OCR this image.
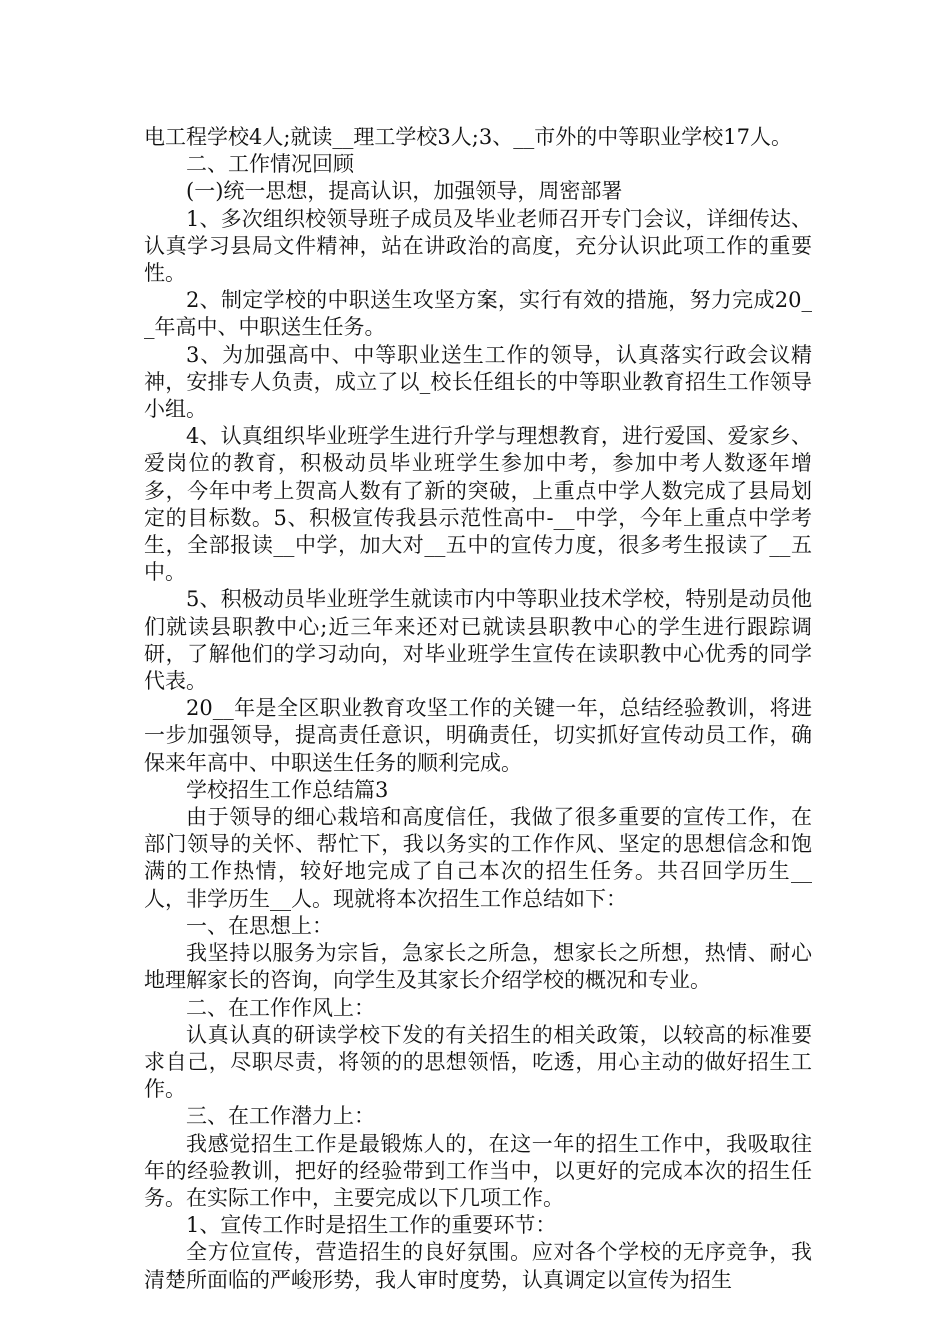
电工程学校4人;就读__理工学校3人;3、__市外的中等职业学校17人。

二、工作情况回顾

(一)统一思想，提高认识，加强领导，周密部署

1、多次组织校领导班子成员及毕业老师召开专门会议，详细传达、认真学习县局文件精神，站在讲政治的高度，充分认识此项工作的重要性。

2、制定学校的中职送生攻坚方案，实行有效的措施，努力完成20__年高中、中职送生任务。

3、为加强高中、中等职业送生工作的领导，认真落实行政会议精神，安排专人负责，成立了以_校长任组长的中等职业教育招生工作领导小组。

4、认真组织毕业班学生进行升学与理想教育，进行爱国、爱家乡、爱岗位的教育，积极动员毕业班学生参加中考，参加中考人数逐年增多，今年中考上贺高人数有了新的突破，上重点中学人数完成了县局划定的目标数。5、积极宣传我县示范性高中-__中学，今年上重点中学考生，全部报读__中学，加大对__五中的宣传力度，很多考生报读了__五中。

5、积极动员毕业班学生就读市内中等职业技术学校，特别是动员他们就读县职教中心;近三年来还对已就读县职教中心的学生进行跟踪调研，了解他们的学习动向，对毕业班学生宣传在读职教中心优秀的同学代表。

20__年是全区职业教育攻坚工作的关键一年，总结经验教训，将进一步加强领导，提高责任意识，明确责任，切实抓好宣传动员工作，确保来年高中、中职送生任务的顺利完成。

学校招生工作总结篇3

由于领导的细心栽培和高度信任，我做了很多重要的宣传工作，在部门领导的关怀、帮忙下，我以务实的工作作风、坚定的思想信念和饱满的工作热情，较好地完成了自己本次的招生任务。共召回学历生__人，非学历生__人。现就将本次招生工作总结如下：

一、在思想上：

我坚持以服务为宗旨，急家长之所急，想家长之所想，热情、耐心地理解家长的咨询，向学生及其家长介绍学校的概况和专业。

二、在工作作风上：

认真认真的研读学校下发的有关招生的相关政策，以较高的标准要求自己，尽职尽责，将领的的思想领悟，吃透，用心主动的做好招生工作。

三、在工作潜力上：

我感觉招生工作是最锻炼人的，在这一年的招生工作中，我吸取往年的经验教训，把好的经验带到工作当中，以更好的完成本次的招生任务。在实际工作中，主要完成以下几项工作。

1、宣传工作时是招生工作的重要环节：

全方位宣传，营造招生的良好氛围。应对各个学校的无序竞争，我清楚所面临的严峻形势，我人审时度势，认真调定以宣传为招生
